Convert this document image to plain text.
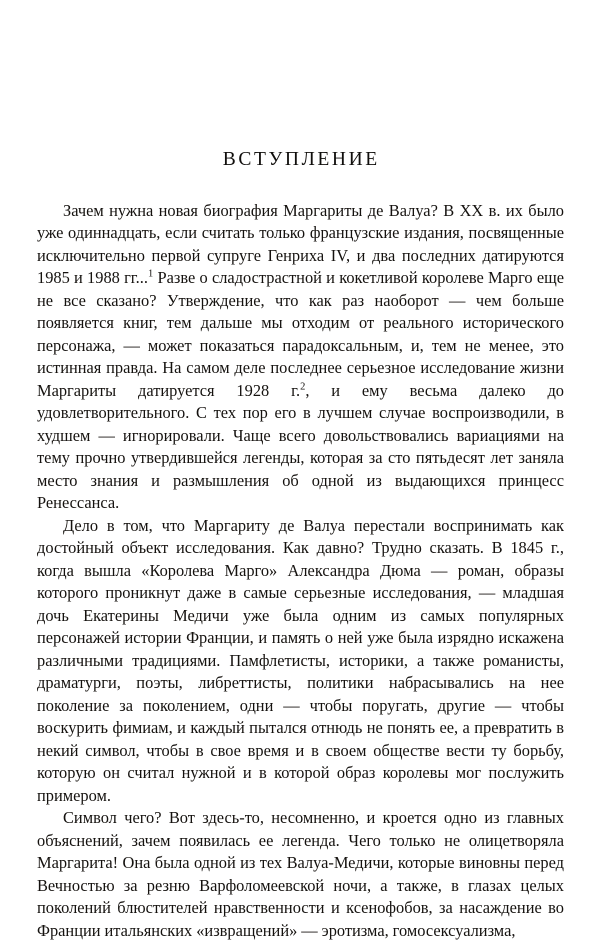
ВСТУПЛЕНИЕ

Зачем нужна новая биография Маргариты де Валуа? В XX в. их было уже одиннадцать, если считать только французские издания, посвященные исключительно первой супруге Генриха IV, и два последних датируются 1985 и 1988 гг...$^1$ Разве о сладострастной и кокетливой королеве Марго еще не все сказано? Утверждение, что как раз наоборот — чем больше появляется книг, тем дальше мы отходим от реального исторического персонажа, — может показаться парадоксальным, и, тем не менее, это истинная правда. На самом деле последнее серьезное исследование жизни Маргариты датируется 1928 г.$^2$, и ему весьма далеко до удовлетворительного. С тех пор его в лучшем случае воспроизводили, в худшем — игнорировали. Чаще всего довольствовались вариациями на тему прочно утвердившейся легенды, которая за сто пятьдесят лет заняла место знания и размышления об одной из выдающихся принцесс Ренессанса.

Дело в том, что Маргариту де Валуа перестали воспринимать как достойный объект исследования. Как давно? Трудно сказать. В 1845 г., когда вышла «Королева Марго» Александра Дюма — роман, образы которого проникнут даже в самые серьезные исследования, — младшая дочь Екатерины Медичи уже была одним из самых популярных персонажей истории Франции, и память о ней уже была изрядно искажена различными традициями. Памфлетисты, историки, а также романисты, драматурги, поэты, либреттисты, политики набрасывались на нее поколение за поколением, одни — чтобы поругать, другие — чтобы воскурить фимиам, и каждый пытался отнюдь не понять ее, а превратить в некий символ, чтобы в свое время и в своем обществе вести ту борьбу, которую он считал нужной и в которой образ королевы мог послужить примером.

Символ чего? Вот здесь-то, несомненно, и кроется одно из главных объяснений, зачем появилась ее легенда. Чего только не олицетворяла Маргарита! Она была одной из тех Валуа-Медичи, которые виновны перед Вечностью за резню Варфоломеевской ночи, а также, в глазах целых поколений блюстителей нравственности и ксенофобов, за насаждение во Франции итальянских «извращений» — эротизма, гомосексуализма,
